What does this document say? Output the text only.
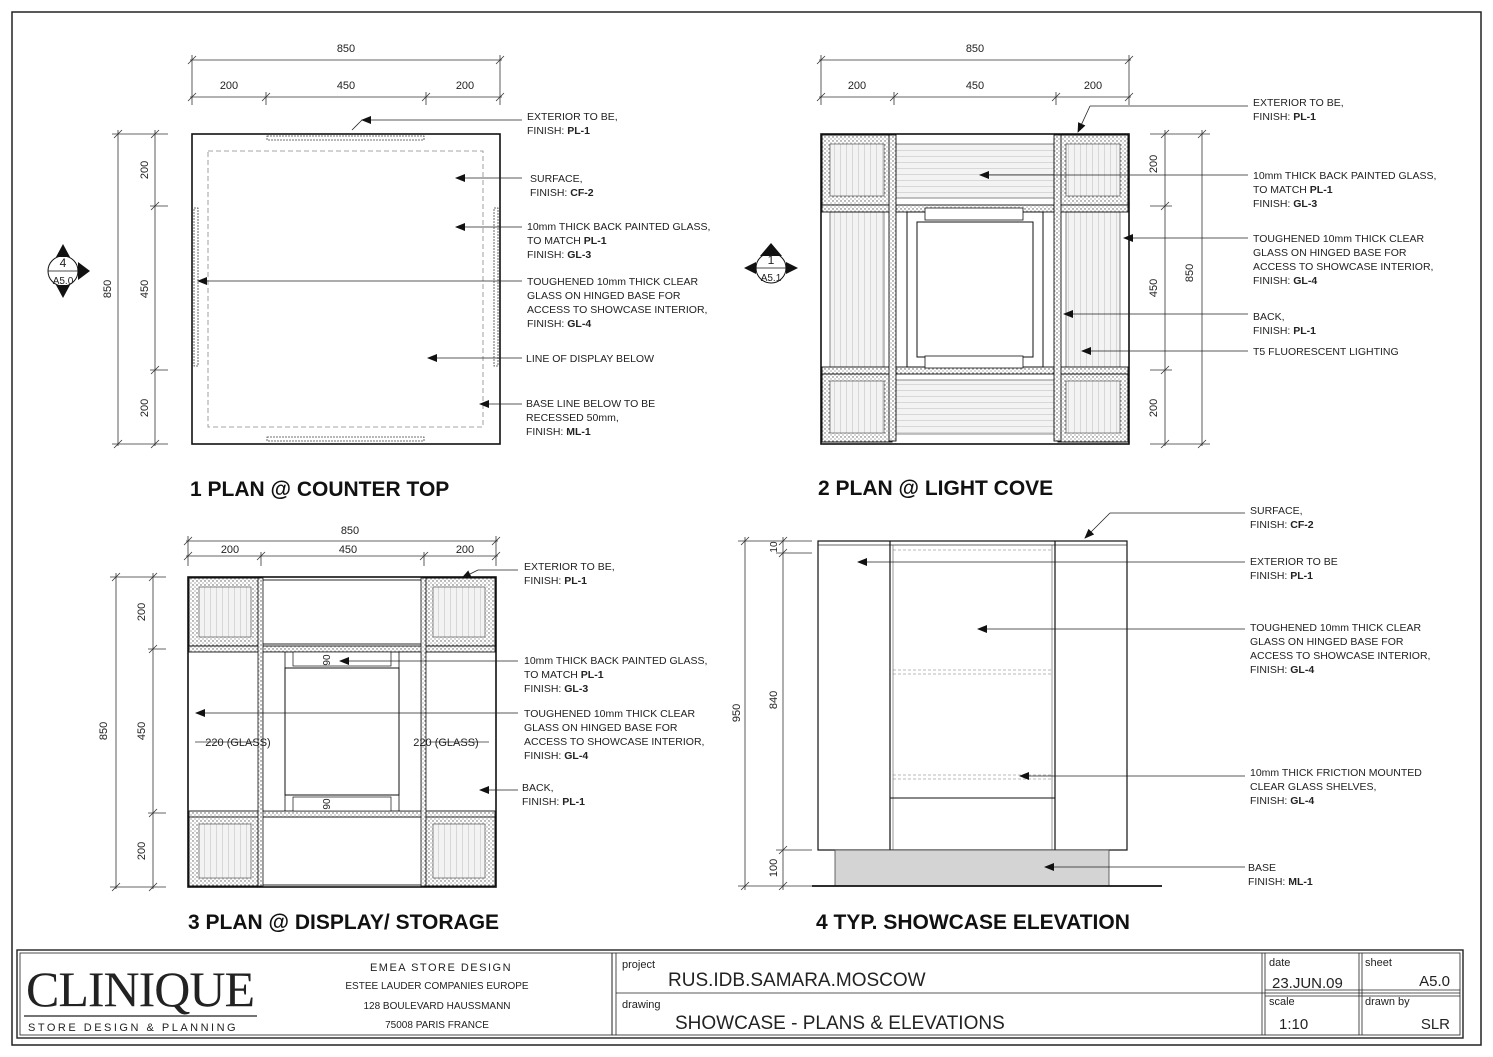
850
200	450	200
850
200
450
200
4
A5.0
EXTERIOR TO BE,
FINISH: PL-1
SURFACE,
FINISH: CF-2
10mm THICK BACK PAINTED GLASS,
TO MATCH PL-1
FINISH: GL-3
TOUGHENED 10mm THICK CLEAR
GLASS ON HINGED BASE FOR
ACCESS TO SHOWCASE INTERIOR,
FINISH: GL-4
LINE OF DISPLAY BELOW
BASE LINE BELOW TO BE
RECESSED 50mm,
FINISH: ML-1
1 PLAN @ COUNTER TOP
850
200	450	200
850
200
450
200
1
A5.1
EXTERIOR TO BE,
FINISH: PL-1
10mm THICK BACK PAINTED GLASS,
TO MATCH PL-1
FINISH: GL-3
TOUGHENED 10mm THICK CLEAR
GLASS ON HINGED BASE FOR
ACCESS TO SHOWCASE INTERIOR,
FINISH: GL-4
BACK,
FINISH: PL-1
T5 FLUORESCENT LIGHTING
2 PLAN @ LIGHT COVE
850
200	450	200
850
200
450
200
90
90
220 (GLASS)	220 (GLASS)
EXTERIOR TO BE,
FINISH: PL-1
10mm THICK BACK PAINTED GLASS,
TO MATCH PL-1
FINISH: GL-3
TOUGHENED 10mm THICK CLEAR
GLASS ON HINGED BASE FOR
ACCESS TO SHOWCASE INTERIOR,
FINISH: GL-4
BACK,
FINISH: PL-1
3 PLAN @ DISPLAY/ STORAGE
950
10
840
100
SURFACE,
FINISH: CF-2
EXTERIOR TO BE
FINISH: PL-1
TOUGHENED 10mm THICK CLEAR
GLASS ON HINGED BASE FOR
ACCESS TO SHOWCASE INTERIOR,
FINISH: GL-4
10mm THICK FRICTION MOUNTED
CLEAR GLASS SHELVES,
FINISH: GL-4
BASE
FINISH: ML-1
4 TYP. SHOWCASE ELEVATION
CLINIQUE
STORE DESIGN & PLANNING
EMEA STORE DESIGN
ESTEE LAUDER COMPANIES EUROPE
128 BOULEVARD HAUSSMANN
75008 PARIS FRANCE
project
RUS.IDB.SAMARA.MOSCOW
drawing
SHOWCASE - PLANS & ELEVATIONS
date
23.JUN.09
sheet
A5.0
scale
1:10
drawn by
SLR
